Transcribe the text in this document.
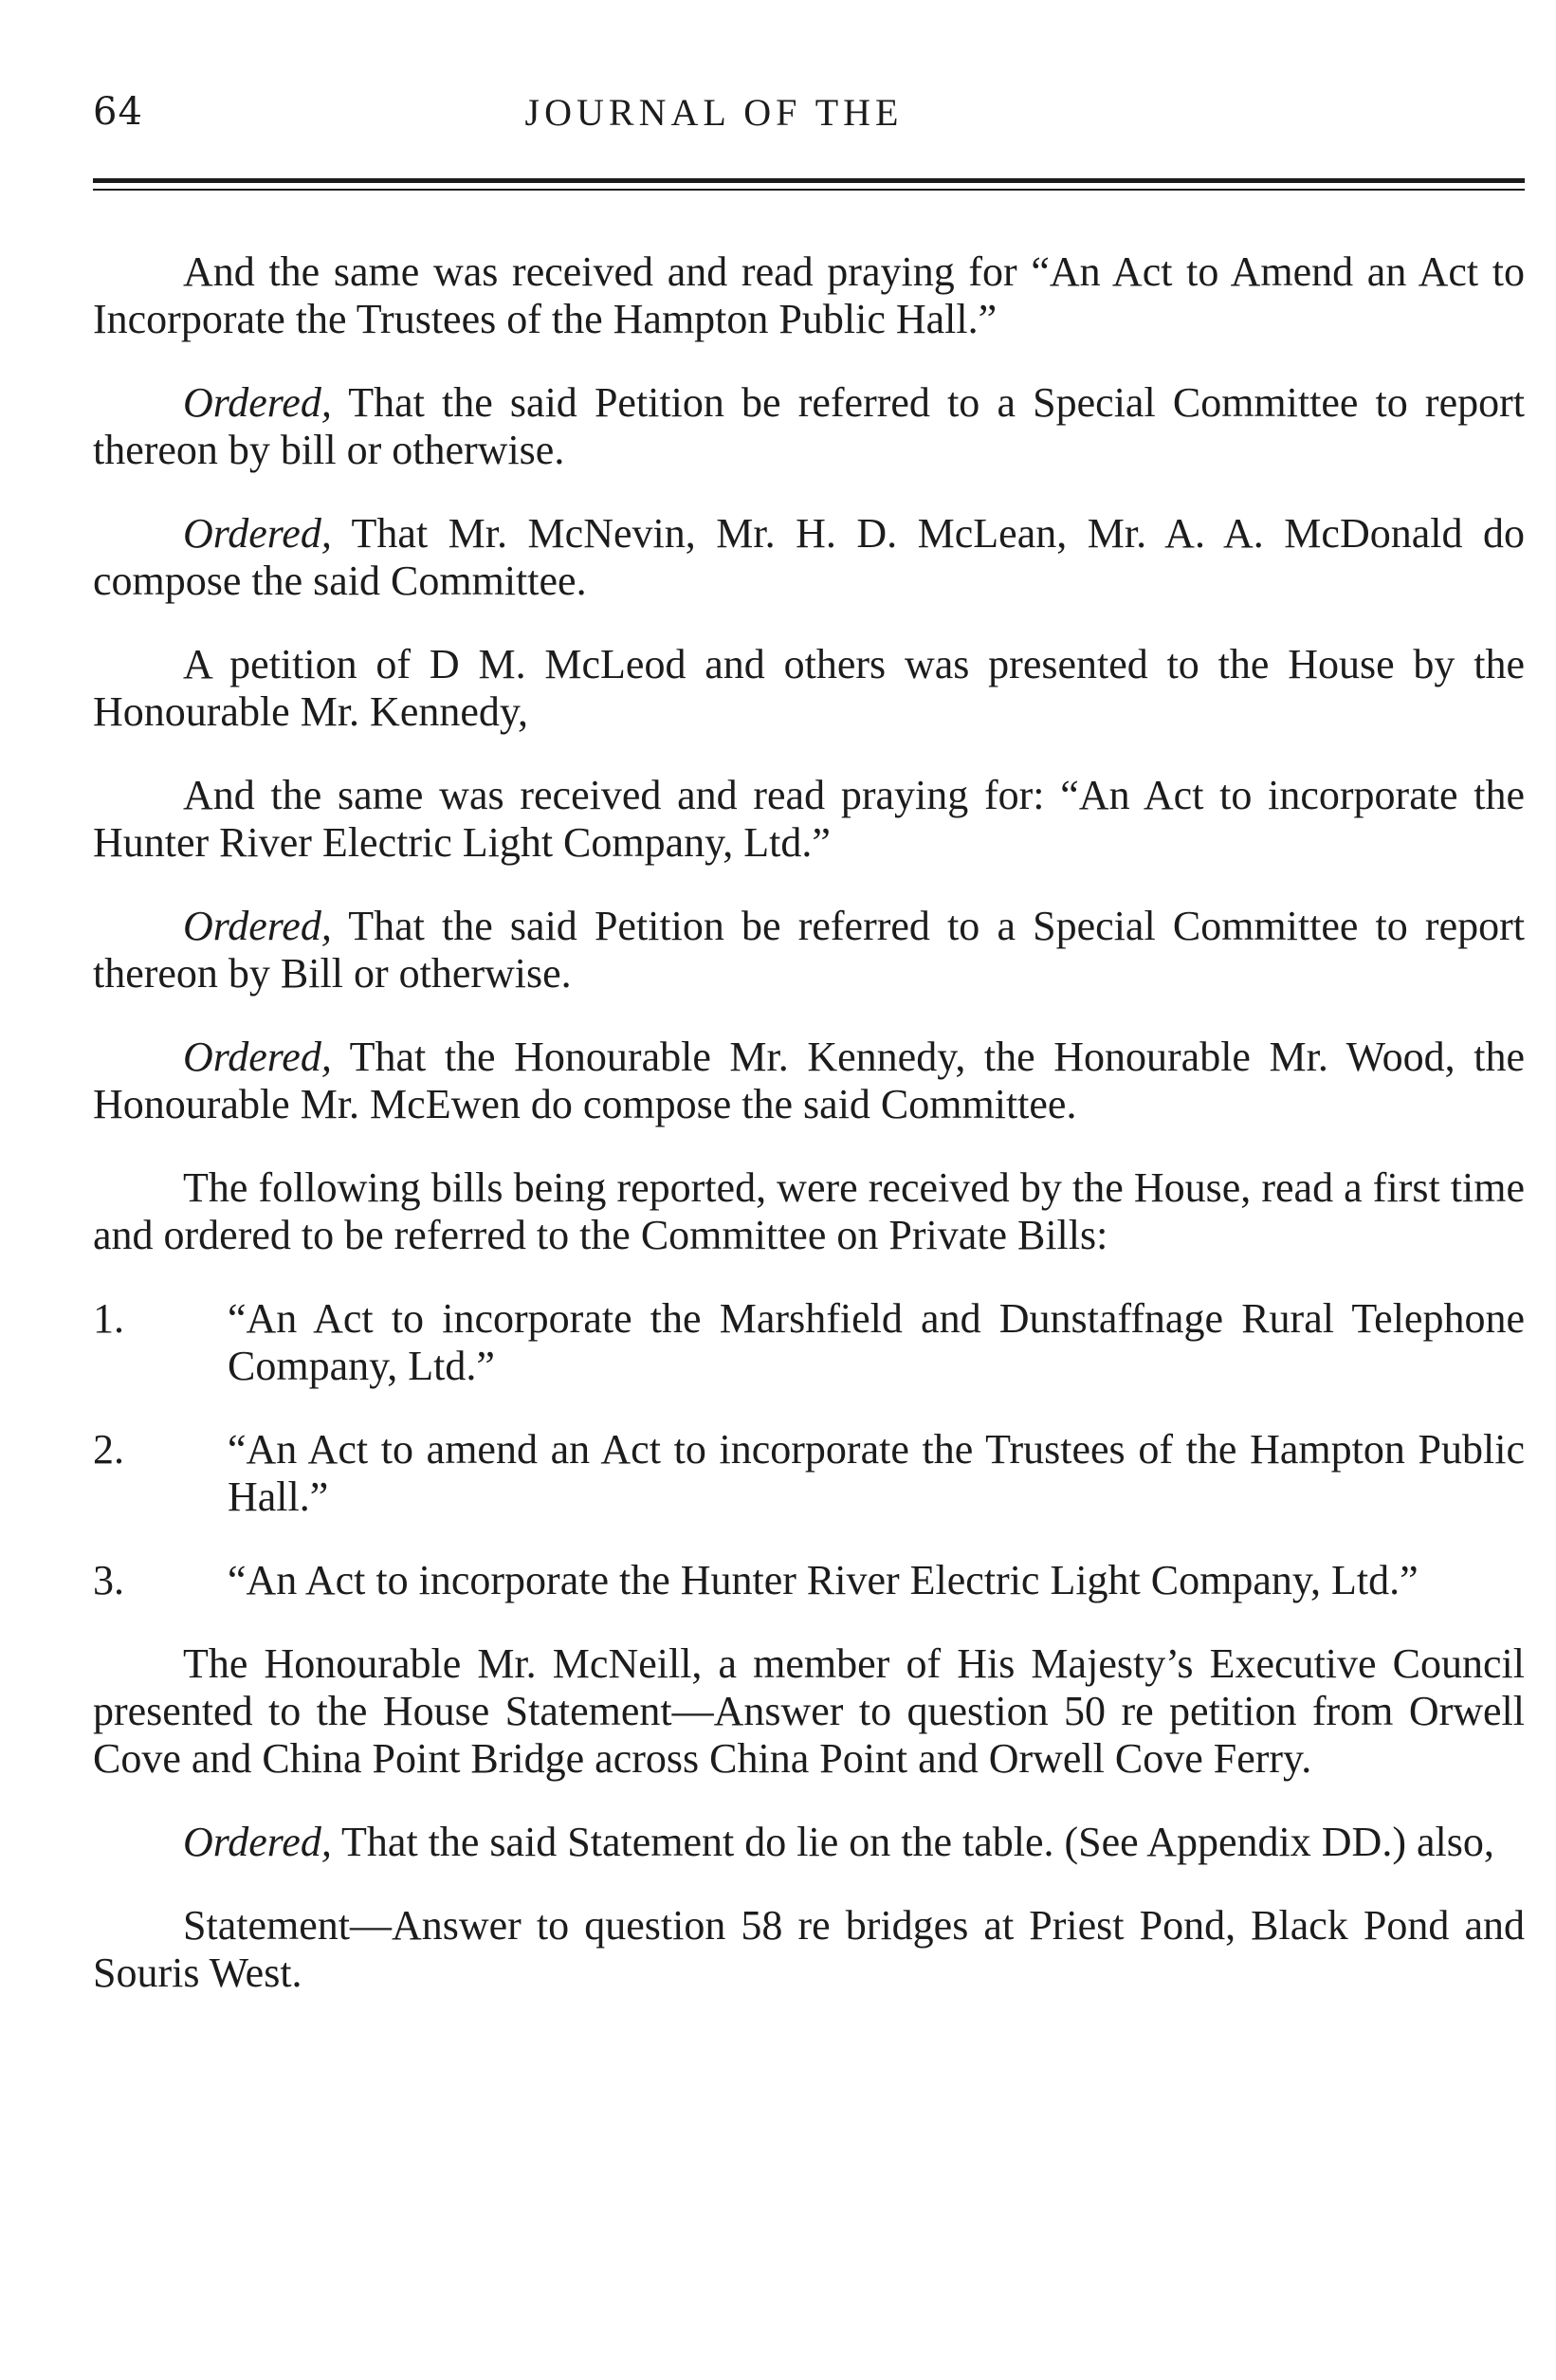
64	JOURNAL OF THE

And the same was received and read praying for “An Act to Amend an Act to Incorporate the Trustees of the Hampton Public Hall.”

Ordered, That the said Petition be referred to a Special Committee to report thereon by bill or otherwise.

Ordered, That Mr. McNevin, Mr. H. D. McLean, Mr. A. A. McDonald do compose the said Committee.

A petition of D M. McLeod and others was presented to the House by the Honourable Mr. Kennedy,

And the same was received and read praying for: “An Act to incorporate the Hunter River Electric Light Company, Ltd.”

Ordered, That the said Petition be referred to a Special Committee to report thereon by Bill or otherwise.

Ordered, That the Honourable Mr. Kennedy, the Honourable Mr. Wood, the Honourable Mr. McEwen do compose the said Committee.

The following bills being reported, were received by the House, read a first time and ordered to be referred to the Committee on Private Bills:

1.	“An Act to incorporate the Marshfield and Dunstaffnage Rural Telephone Company, Ltd.”
2.	“An Act to amend an Act to incorporate the Trustees of the Hampton Public Hall.”
3.	“An Act to incorporate the Hunter River Electric Light Company, Ltd.”

The Honourable Mr. McNeill, a member of His Majesty’s Executive Council presented to the House Statement—Answer to question 50 re petition from Orwell Cove and China Point Bridge across China Point and Orwell Cove Ferry.

Ordered, That the said Statement do lie on the table. (See Appendix DD.) also,

Statement—Answer to question 58 re bridges at Priest Pond, Black Pond and Souris West.
